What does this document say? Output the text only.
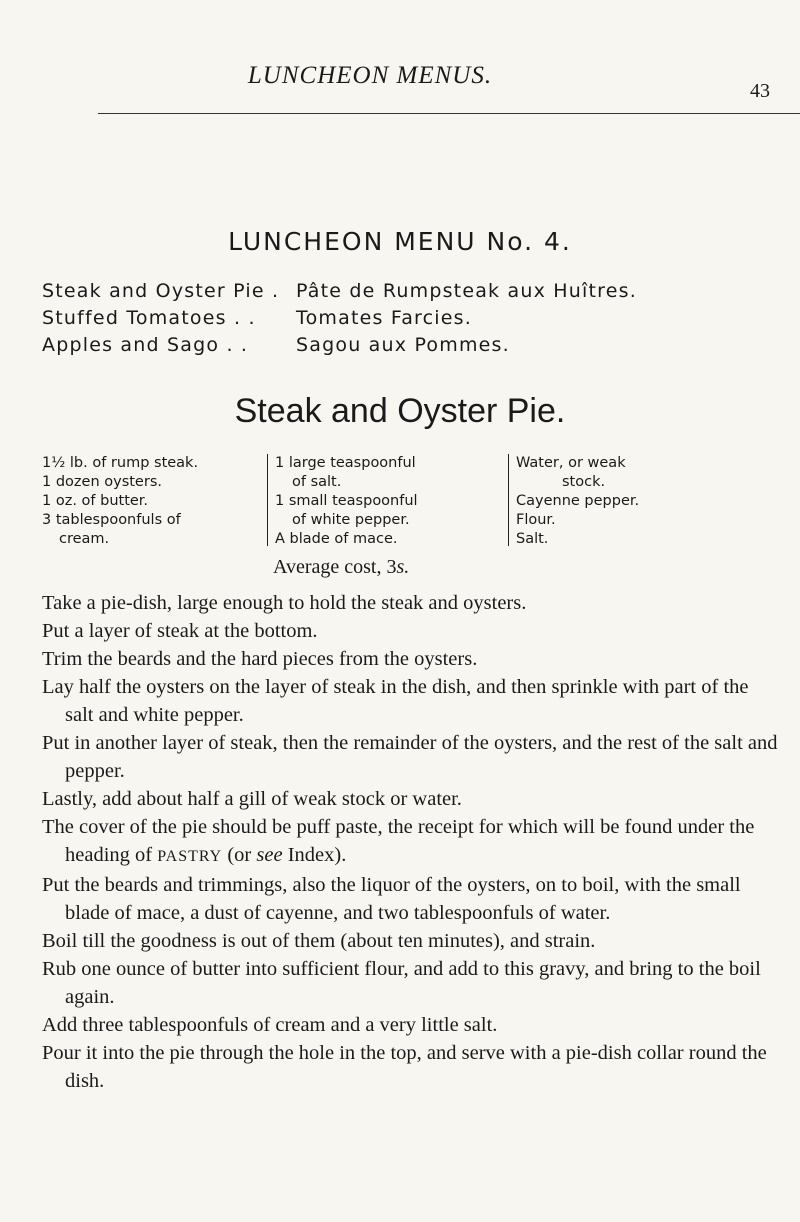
LUNCHEON MENUS.
43
LUNCHEON MENU No. 4.
Steak and Oyster Pie . Pâte de Rumpsteak aux Huîtres.
Stuffed Tomatoes . . Tomates Farcies.
Apples and Sago . .	Sagou aux Pommes.
Steak and Oyster Pie.
1½ lb. of rump steak.
1 dozen oysters.
1 oz. of butter.
3 tablespoonfuls of
cream.
1 large teaspoonful
of salt.
1 small teaspoonful
of white pepper.
A blade of mace.
Water, or weak
stock.
Cayenne pepper.
Flour.
Salt.
Average cost, 3s.

Take a pie-dish, large enough to hold the steak and oysters.

Put a layer of steak at the bottom.

Trim the beards and the hard pieces from the oysters.

Lay half the oysters on the layer of steak in the dish, and then sprinkle with part of the salt and white pepper.

Put in another layer of steak, then the remainder of the oysters, and the rest of the salt and pepper.

Lastly, add about half a gill of weak stock or water.

The cover of the pie should be puff paste, the receipt for which will be found under the heading of PASTRY (or see Index).

Put the beards and trimmings, also the liquor of the oysters, on to boil, with the small blade of mace, a dust of cayenne, and two tablespoonfuls of water.

Boil till the goodness is out of them (about ten minutes), and strain.

Rub one ounce of butter into sufficient flour, and add to this gravy, and bring to the boil again.

Add three tablespoonfuls of cream and a very little salt.

Pour it into the pie through the hole in the top, and serve with a pie-dish collar round the dish.
